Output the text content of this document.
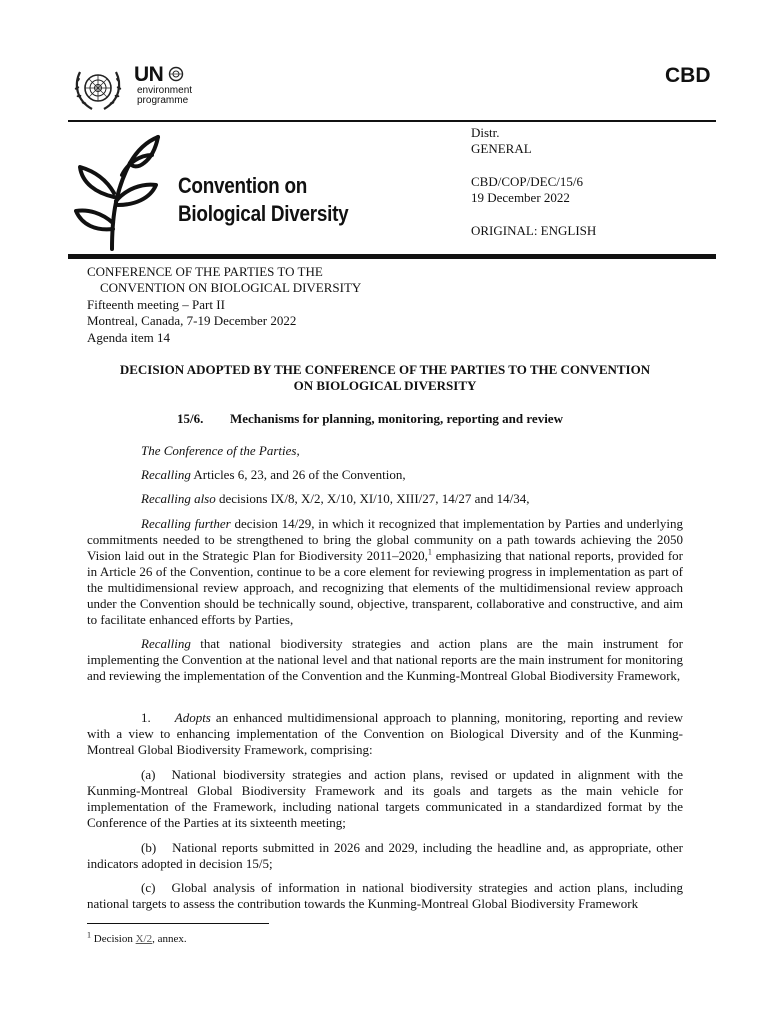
UN
environment
programme
CBD
Convention on
Biological Diversity
Distr.
GENERAL
CBD/COP/DEC/15/6
19 December 2022
ORIGINAL: ENGLISH
CONFERENCE OF THE PARTIES TO THE
CONVENTION ON BIOLOGICAL DIVERSITY
Fifteenth meeting – Part II
Montreal, Canada, 7-19 December 2022
Agenda item 14
DECISION ADOPTED BY THE CONFERENCE OF THE PARTIES TO THE CONVENTION
ON BIOLOGICAL DIVERSITY
15/6. Mechanisms for planning, monitoring, reporting and review
The Conference of the Parties,
Recalling Articles 6, 23, and 26 of the Convention,
Recalling also decisions IX/8, X/2, X/10, XI/10, XIII/27, 14/27 and 14/34,
Recalling further decision 14/29, in which it recognized that implementation by Parties and underlying commitments needed to be strengthened to bring the global community on a path towards achieving the 2050 Vision laid out in the Strategic Plan for Biodiversity 2011–2020,$^1$ emphasizing that national reports, provided for in Article 26 of the Convention, continue to be a core element for reviewing progress in implementation as part of the multidimensional review approach, and recognizing that elements of the multidimensional review approach under the Convention should be technically sound, objective, transparent, collaborative and constructive, and aim to facilitate enhanced efforts by Parties,
Recalling that national biodiversity strategies and action plans are the main instrument for implementing the Convention at the national level and that national reports are the main instrument for monitoring and reviewing the implementation of the Convention and the Kunming-Montreal Global Biodiversity Framework,
1. Adopts an enhanced multidimensional approach to planning, monitoring, reporting and review with a view to enhancing implementation of the Convention on Biological Diversity and of the Kunming-Montreal Global Biodiversity Framework, comprising:
(a) National biodiversity strategies and action plans, revised or updated in alignment with the Kunming-Montreal Global Biodiversity Framework and its goals and targets as the main vehicle for implementation of the Framework, including national targets communicated in a standardized format by the Conference of the Parties at its sixteenth meeting;
(b) National reports submitted in 2026 and 2029, including the headline and, as appropriate, other indicators adopted in decision 15/5;
(c) Global analysis of information in national biodiversity strategies and action plans, including national targets to assess the contribution towards the Kunming-Montreal Global Biodiversity Framework
$^1$ Decision X/2, annex.
